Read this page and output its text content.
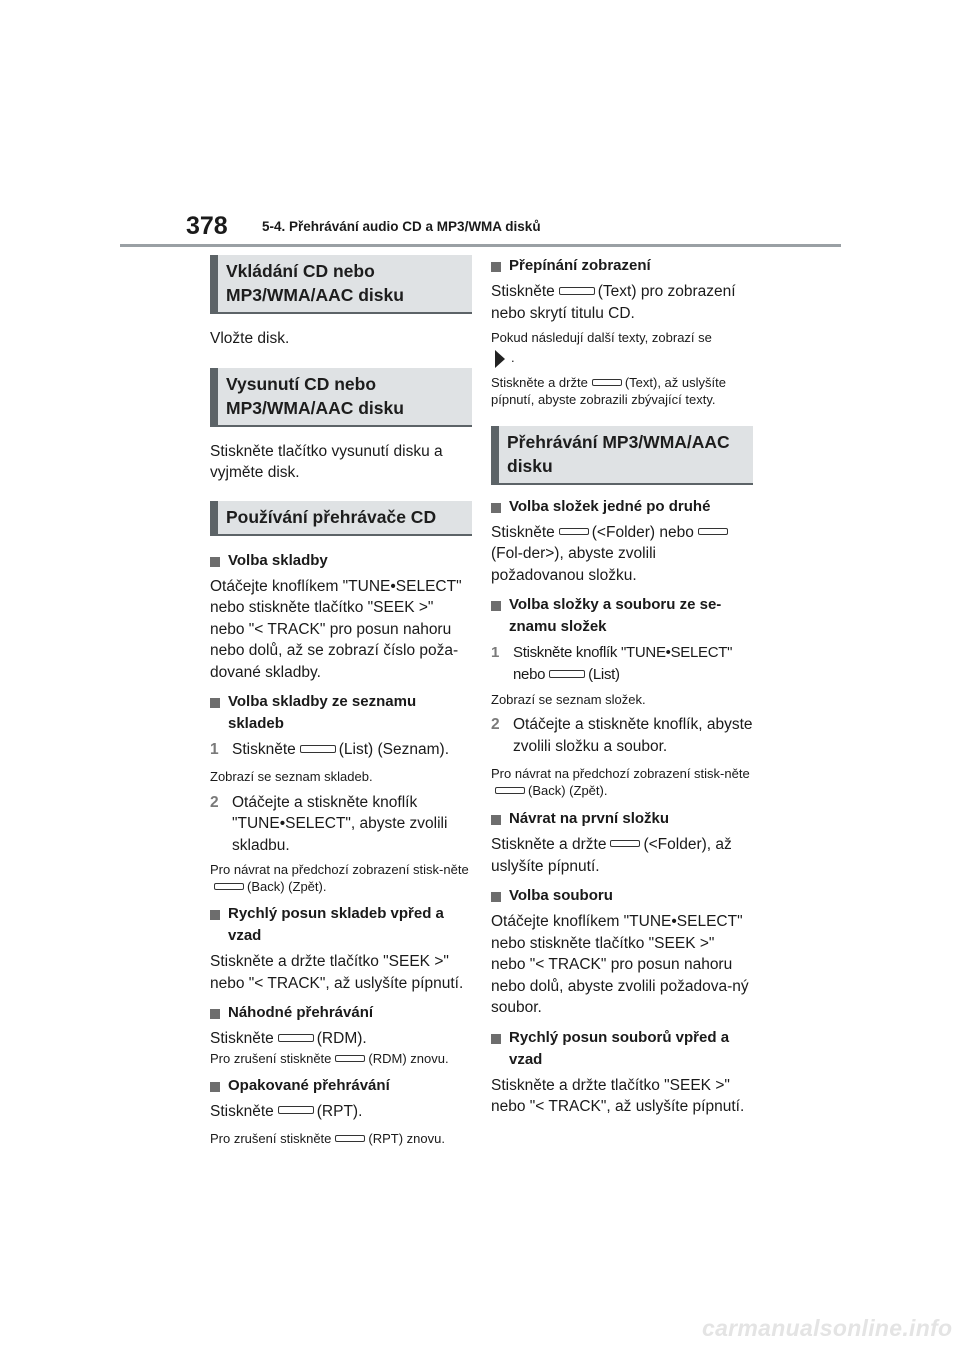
378	5-4. Přehrávání audio CD a MP3/WMA disků
Vkládání CD nebo MP3/WMA/AAC disku

Vložte disk.

Vysunutí CD nebo MP3/WMA/AAC disku

Stiskněte tlačítko vysunutí disku a vyjměte disk.

Používání přehrávače CD
Volba skladby

Otáčejte knoflíkem "TUNE•SELECT" nebo stiskněte tlačítko "SEEK >" nebo "< TRACK" pro posun nahoru nebo dolů, až se zobrazí číslo poža-dované skladby.

Volba skladby ze seznamu skladeb
1 Stiskněte	(List) (Seznam).

Zobrazí se seznam skladeb.

2 Otáčejte a stiskněte knoflík "TUNE•SELECT", abyste zvolili skladbu.

Pro návrat na předchozí zobrazení stisk-něte(Back) (Zpět).

Rychlý posun skladeb vpřed a vzad

Stiskněte a držte tlačítko "SEEK >" nebo "< TRACK", až uslyšíte pípnutí.

Náhodné přehrávání

Stiskněte	(RDM).

Pro zrušení stiskněte	(RDM) znovu.

Opakované přehrávání

Stiskněte	(RPT).

Pro zrušení stiskněte	(RPT) znovu.

Přepínání zobrazení

Stiskněte	(Text) pro zobrazení nebo skrytí titulu CD.

Pokud následují další texty, zobrazí se

.

Stiskněte a držte	(Text), až uslyšíte pípnutí, abyste zobrazili zbývající texty.

Přehrávání MP3/WMA/AAC disku
Volba složek jedné po druhé

Stiskněte (<Folder) nebo(Fol-der>), abyste zvolili požadovanou složku.

Volba složky a souboru ze se-znamu složek
1 Stiskněte knoflík "TUNE•SELECT" nebo	(List)

Zobrazí se seznam složek.

2 Otáčejte a stiskněte knoflík, abyste zvolili složku a soubor.

Pro návrat na předchozí zobrazení stisk-něte(Back) (Zpět).

Návrat na první složku

Stiskněte a držte (<Folder), až uslyšíte pípnutí.

Volba souboru

Otáčejte knoflíkem "TUNE•SELECT" nebo stiskněte tlačítko "SEEK >" nebo "< TRACK" pro posun nahoru nebo dolů, abyste zvolili požadova-ný soubor.

Rychlý posun souborů vpřed a vzad

Stiskněte a držte tlačítko "SEEK >" nebo "< TRACK", až uslyšíte pípnutí.

carmanualsonline.info
